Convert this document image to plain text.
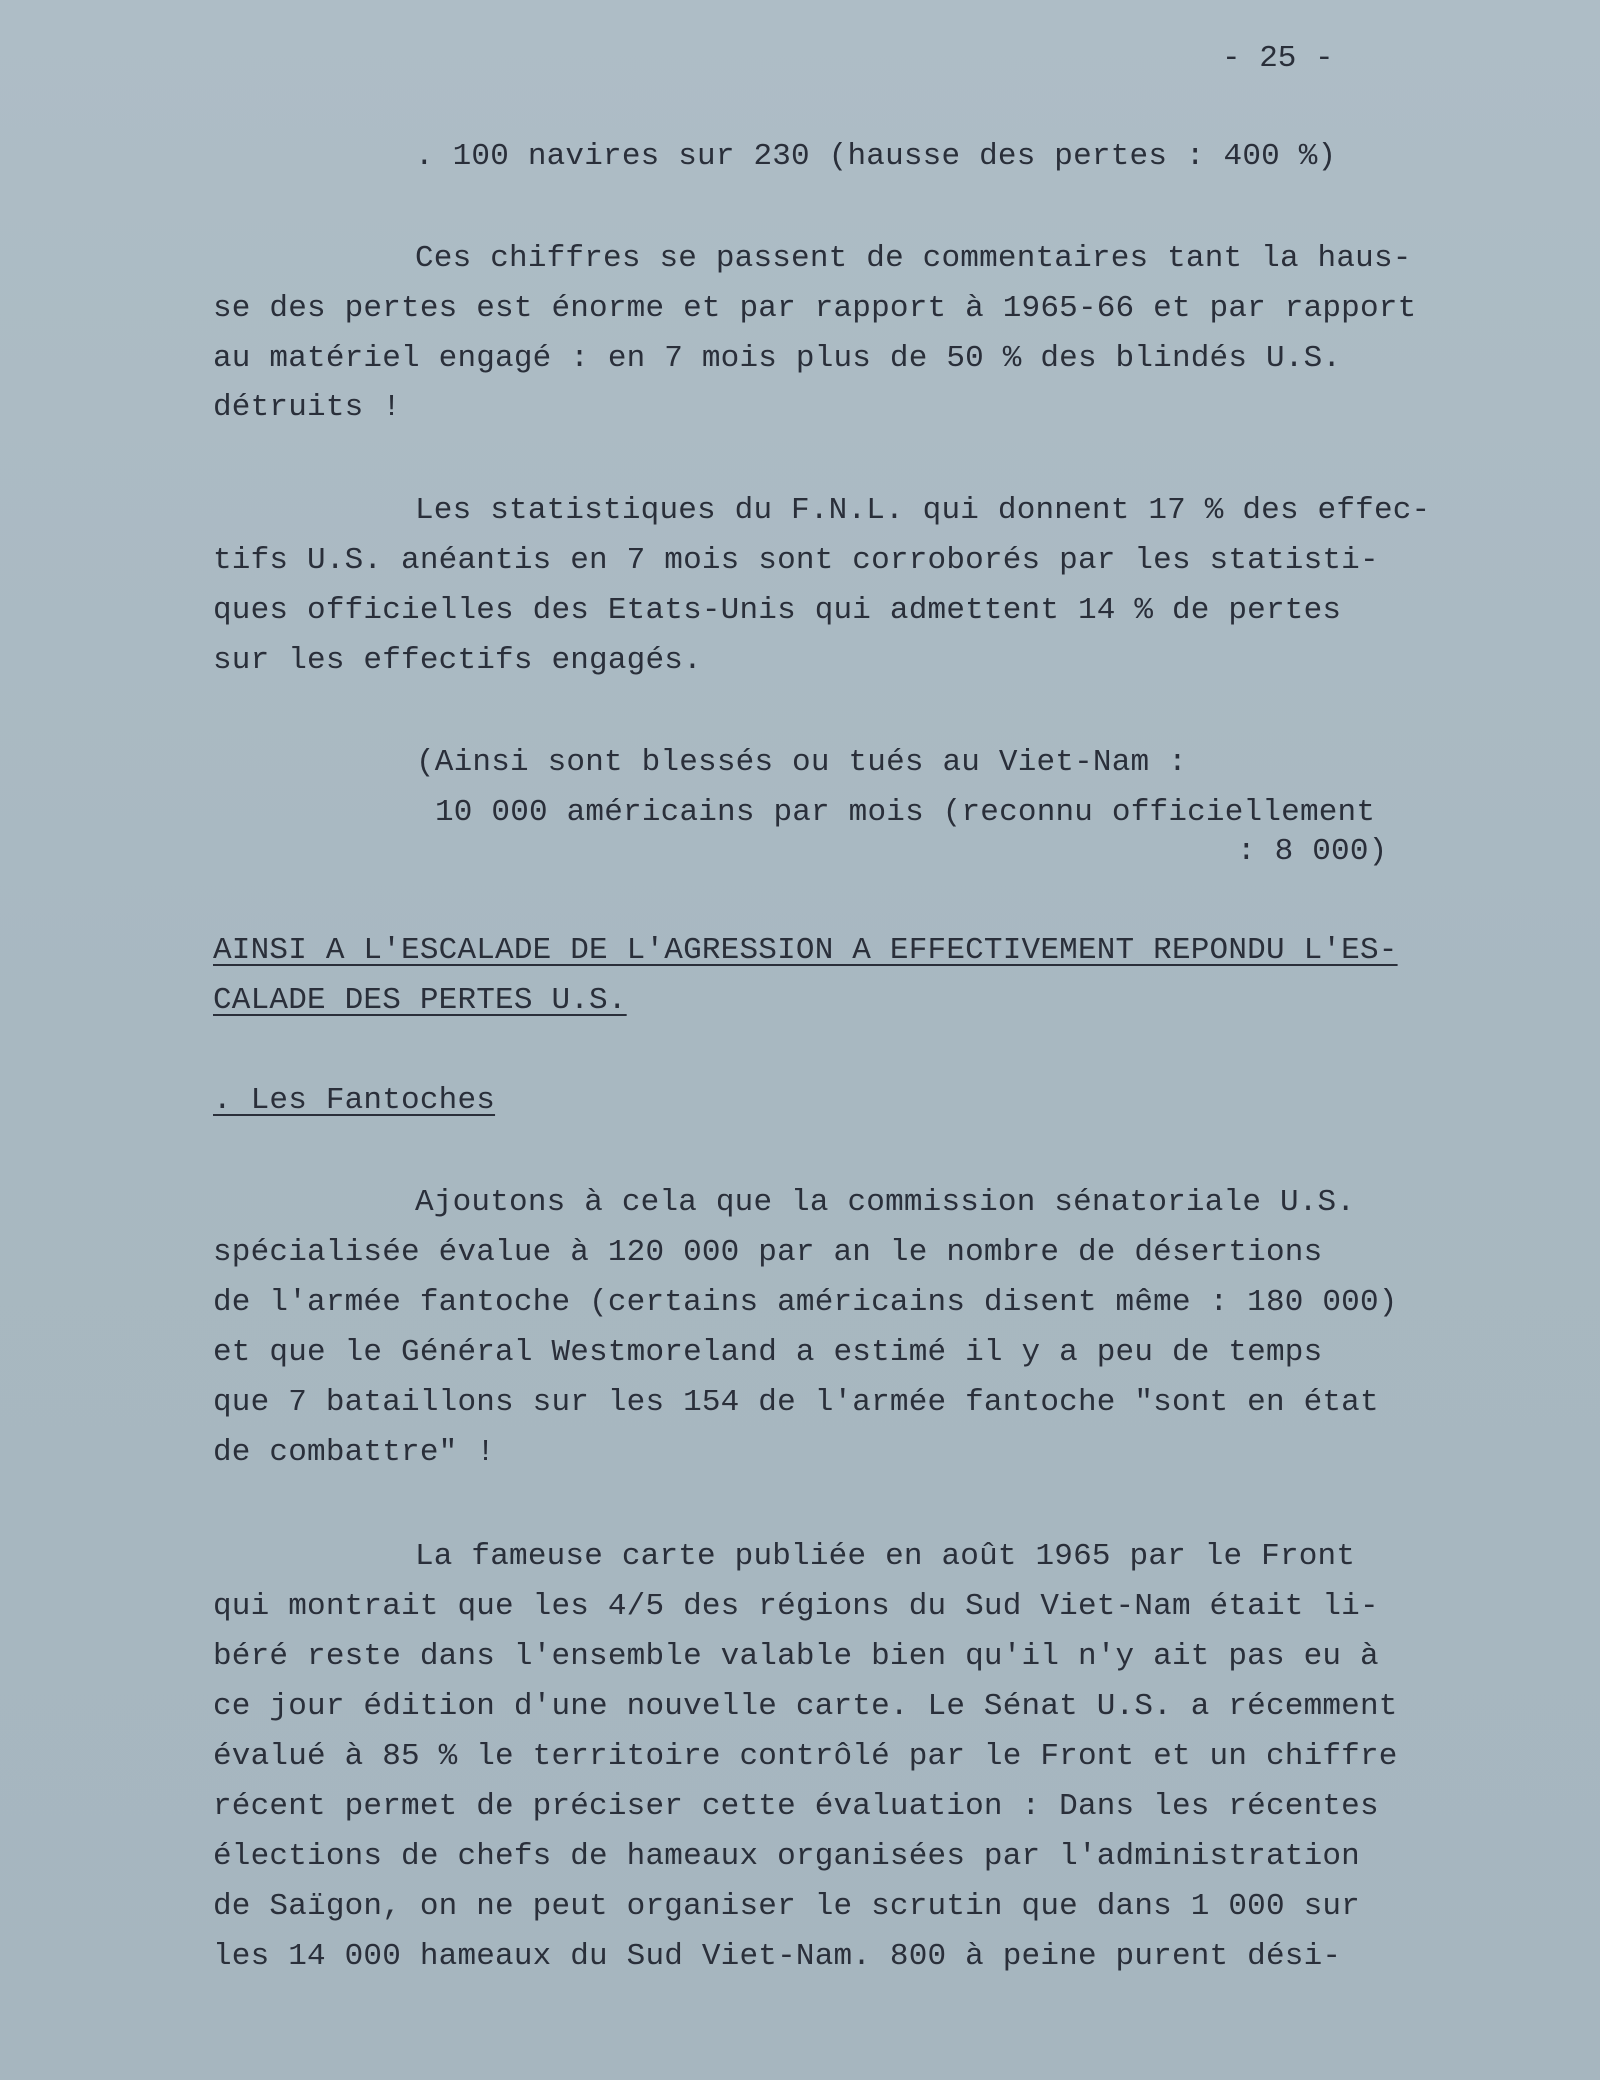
- 25 -
. 100 navires sur 230 (hausse des pertes : 400 %)
Ces chiffres se passent de commentaires tant la haus-
se des pertes est énorme et par rapport à 1965-66 et par rapport
au matériel engagé : en 7 mois plus de 50 % des blindés U.S.
détruits !
Les statistiques du F.N.L. qui donnent 17 % des effec-
tifs U.S. anéantis en 7 mois sont corroborés par les statisti-
ques officielles des Etats-Unis qui admettent 14 % de pertes
sur les effectifs engagés.
(Ainsi sont blessés ou tués au Viet-Nam :
10 000 américains par mois (reconnu officiellement
: 8 000)
AINSI A L'ESCALADE DE L'AGRESSION A EFFECTIVEMENT REPONDU L'ES-
CALADE DES PERTES U.S.
. Les Fantoches
Ajoutons à cela que la commission sénatoriale U.S.
spécialisée évalue à 120 000 par an le nombre de désertions
de l'armée fantoche (certains américains disent même : 180 000)
et que le Général Westmoreland a estimé il y a peu de temps
que 7 bataillons sur les 154 de l'armée fantoche "sont en état
de combattre" !
La fameuse carte publiée en août 1965 par le Front
qui montrait que les 4/5 des régions du Sud Viet-Nam était li-
béré reste dans l'ensemble valable bien qu'il n'y ait pas eu à
ce jour édition d'une nouvelle carte. Le Sénat U.S. a récemment
évalué à 85 % le territoire contrôlé par le Front et un chiffre
récent permet de préciser cette évaluation : Dans les récentes
élections de chefs de hameaux organisées par l'administration
de Saïgon, on ne peut organiser le scrutin que dans 1 000 sur
les 14 000 hameaux du Sud Viet-Nam. 800 à peine purent dési-
